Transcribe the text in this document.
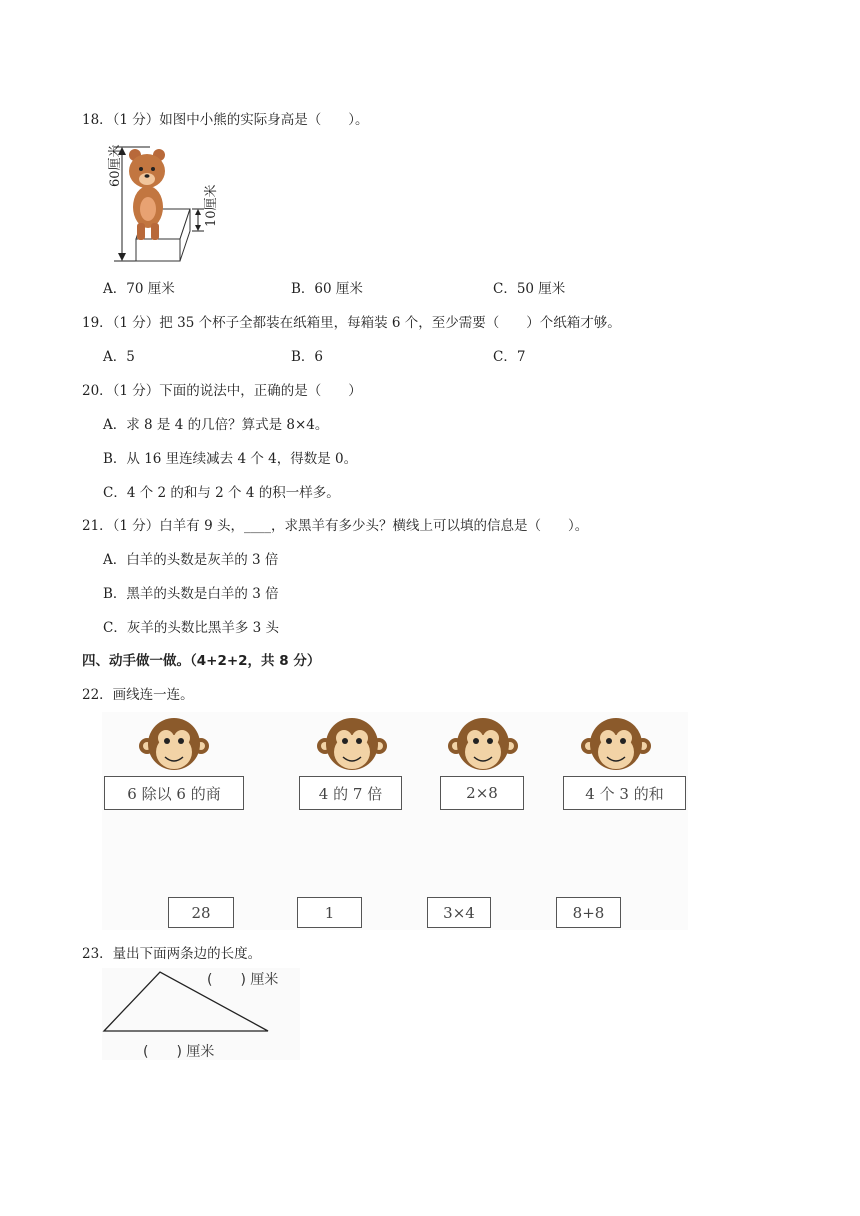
18．（1 分）如图中小熊的实际身高是（　　）。
60厘米
10厘米
A．70 厘米	B．60 厘米	C．50 厘米
19．（1 分）把 35 个杯子全都装在纸箱里，每箱装 6 个，至少需要（　　）个纸箱才够。
A．5	B．6	C．7
20．（1 分）下面的说法中，正确的是（　　）
A．求 8 是 4 的几倍？算式是 8×4。
B．从 16 里连续减去 4 个 4，得数是 0。
C．4 个 2 的和与 2 个 4 的积一样多。
21．（1 分）白羊有 9 头，____，求黑羊有多少头？横线上可以填的信息是（　　）。
A．白羊的头数是灰羊的 3 倍
B．黑羊的头数是白羊的 3 倍
C．灰羊的头数比黑羊多 3 头
四、动手做一做。（4+2+2，共 8 分）
22．画线连一连。
6 除以 6 的商	4 的 7 倍	2×8	4 个 3 的和
28	1	3×4	8+8
23．量出下面两条边的长度。
(　　) 厘米
(　　) 厘米
